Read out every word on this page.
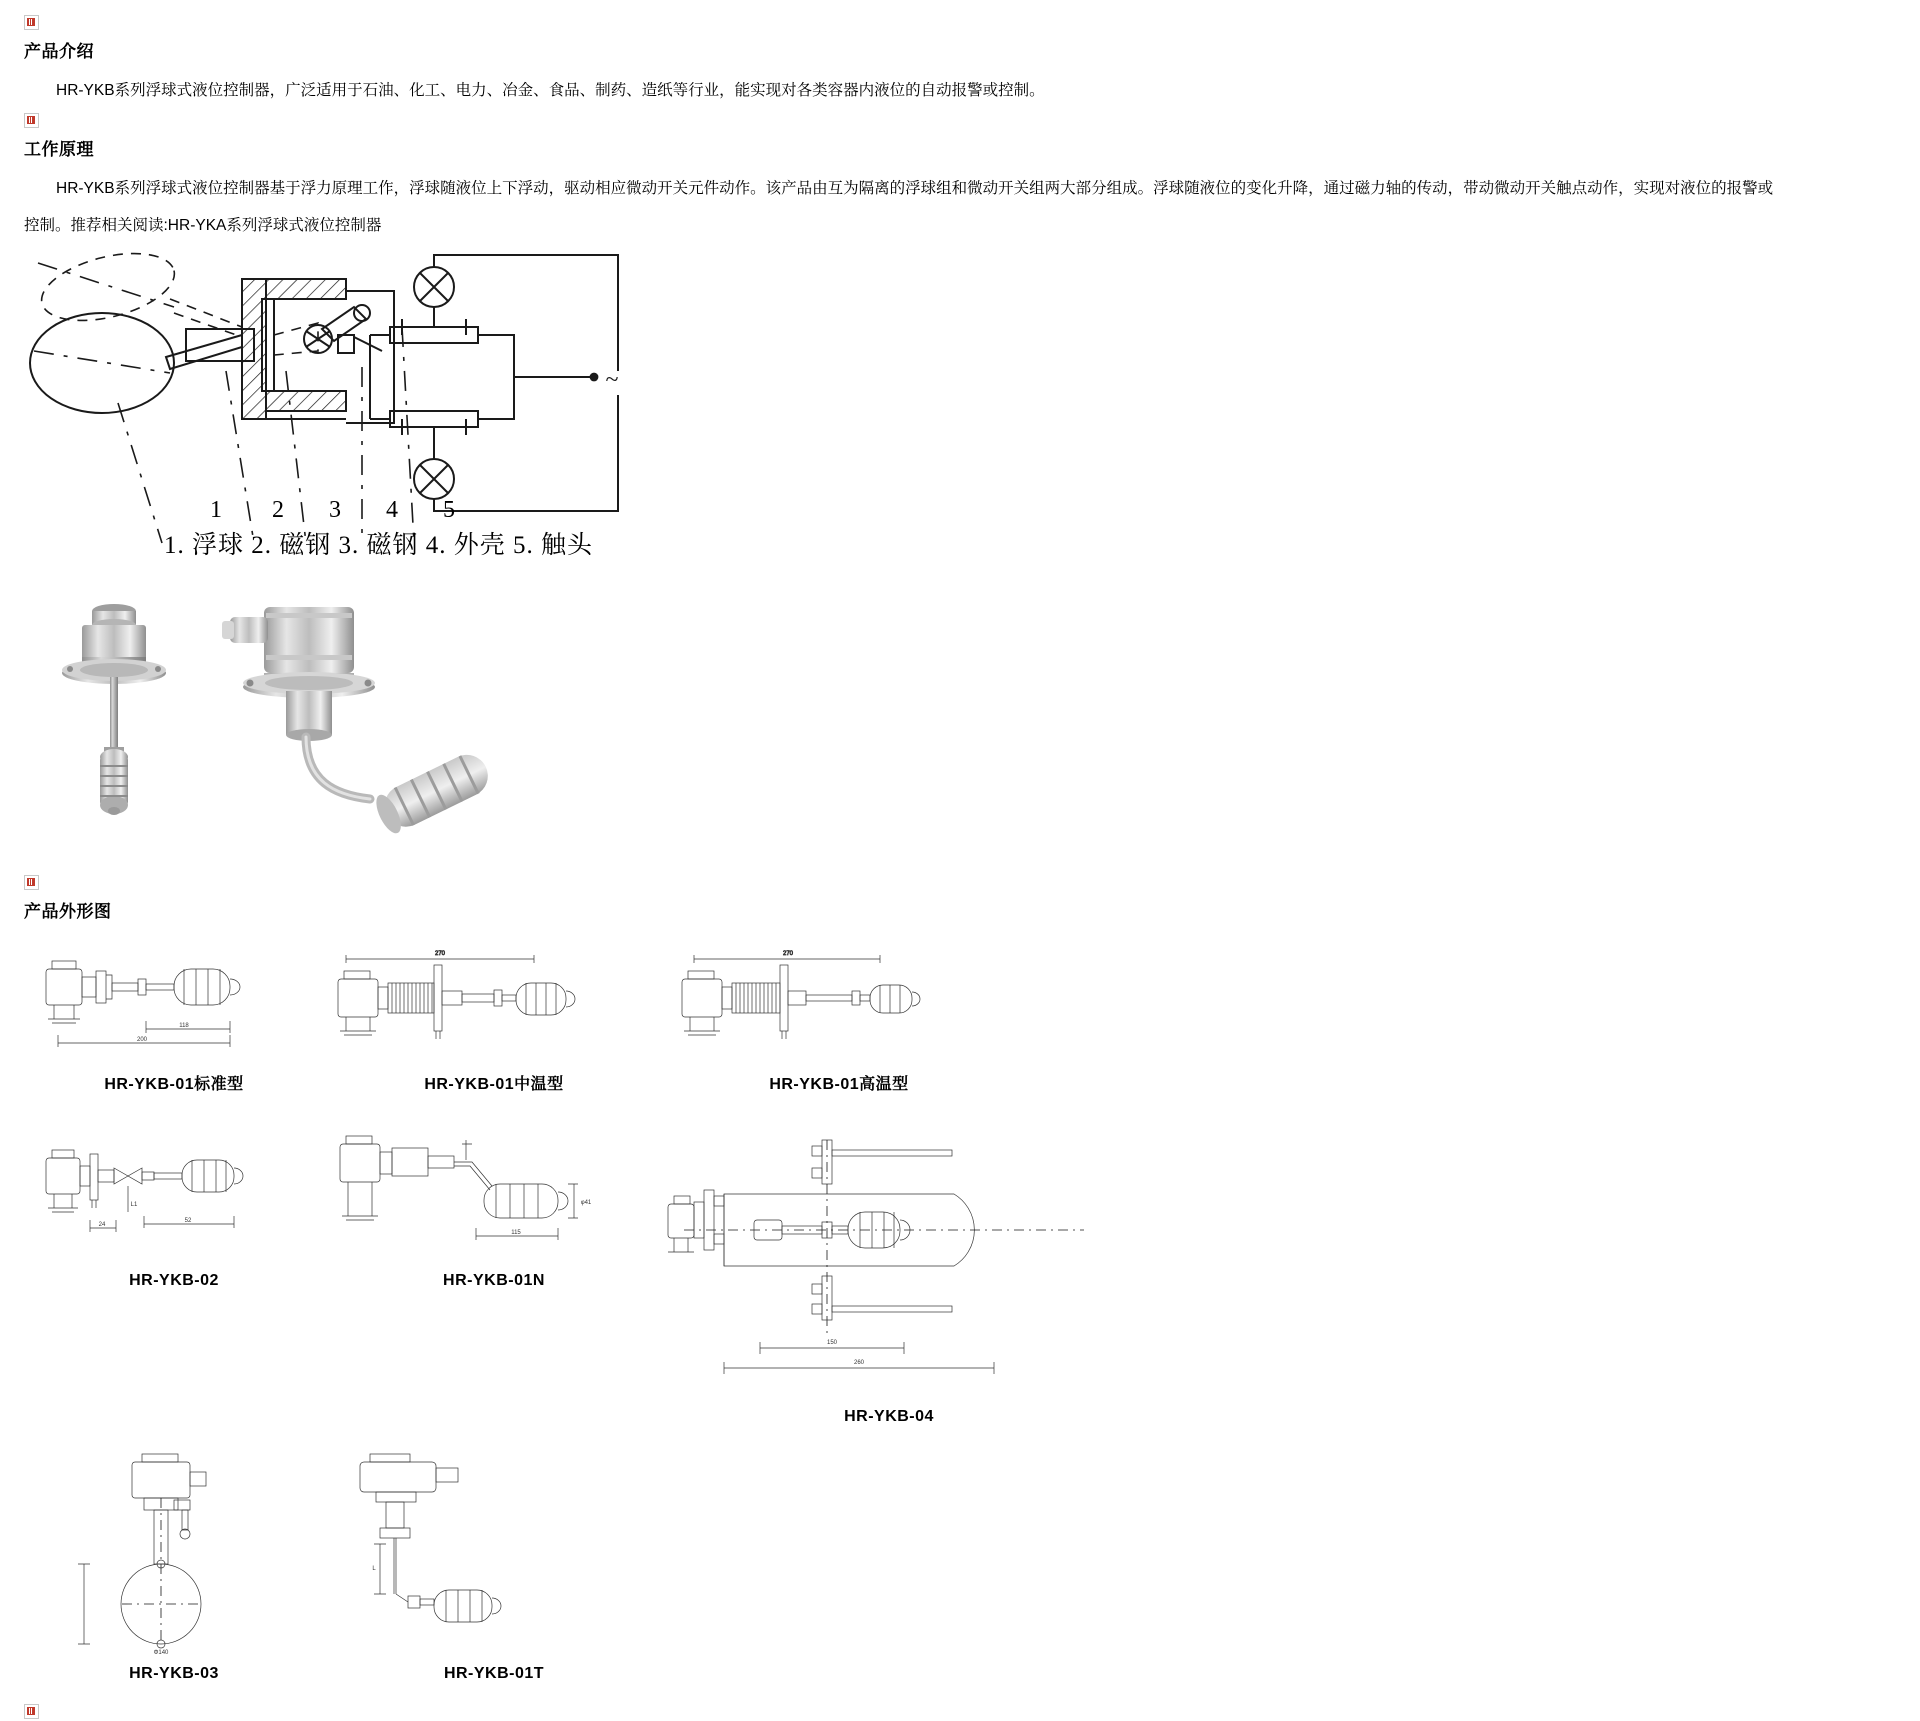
产品介绍

HR-YKB系列浮球式液位控制器，广泛适用于石油、化工、电力、冶金、食品、制药、造纸等行业，能实现对各类容器内液位的自动报警或控制。

工作原理

HR-YKB系列浮球式液位控制器基于浮力原理工作，浮球随液位上下浮动，驱动相应微动开关元件动作。该产品由互为隔离的浮球组和微动开关组两大部分组成。浮球随液位的变化升降，通过磁力轴的传动，带动微动开关触点动作，实现对液位的报警或

控制。推荐相关阅读:HR-YKA系列浮球式液位控制器

~
1 2 3 4 5
1. 浮球 2. 磁钢 3. 磁钢 4. 外壳 5. 触头
产品外形图
118
200
HR-YKB-01标准型
270
HR-YKB-01中温型
270
HR-YKB-01高温型
24
L1
52
HR-YKB-02
115
φ41
HR-YKB-01N
150
260
HR-YKB-04
Φ140
HR-YKB-03
L
HR-YKB-01T
